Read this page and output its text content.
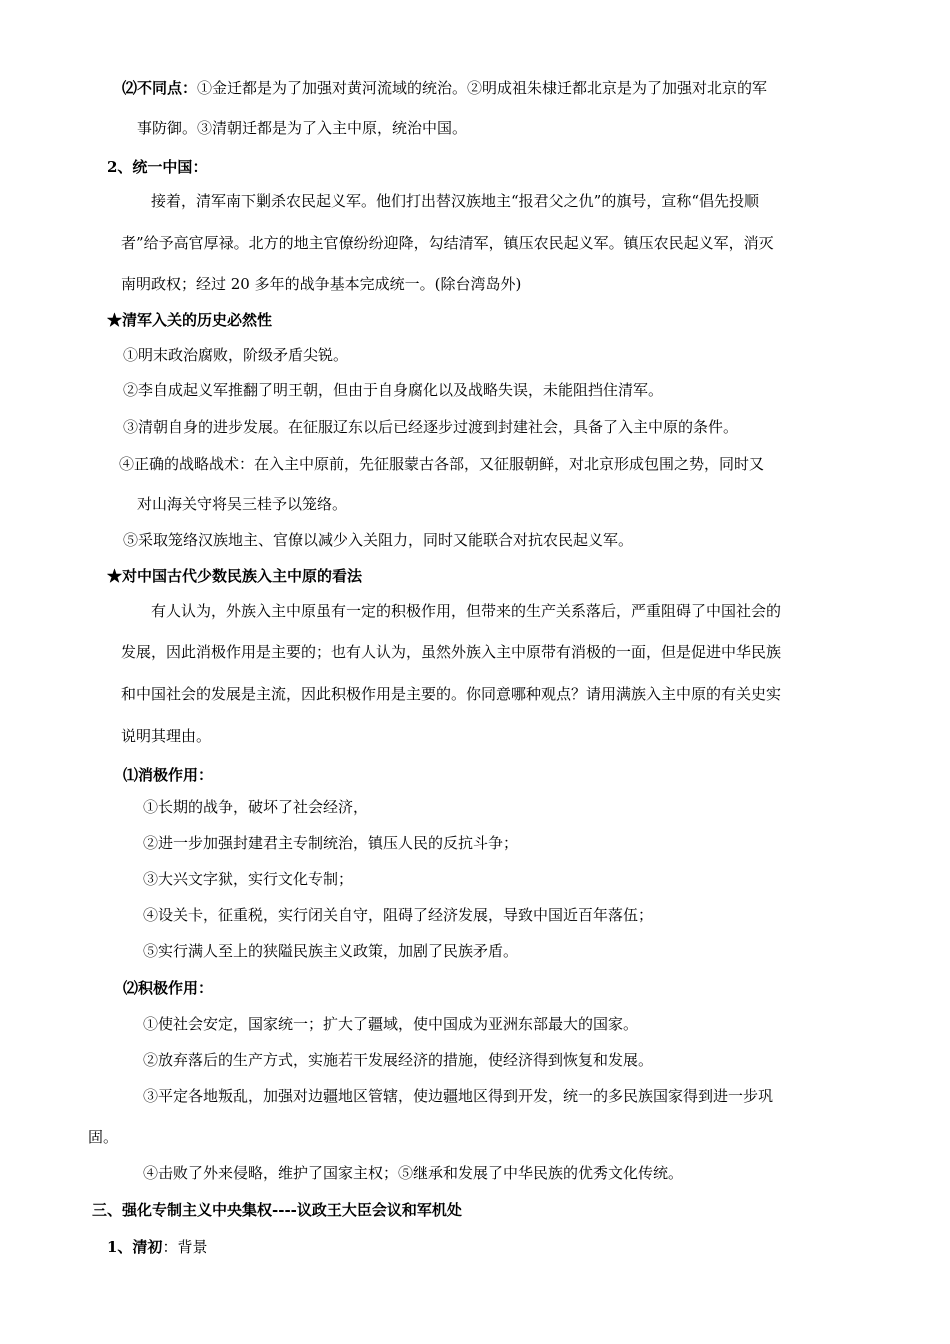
⑵不同点：①金迁都是为了加强对黄河流域的统治。②明成祖朱棣迁都北京是为了加强对北京的军
事防御。③清朝迁都是为了入主中原，统治中国。
2、统一中国：
接着，清军南下剿杀农民起义军。他们打出替汉族地主“报君父之仇”的旗号，宣称“倡先投顺
者”给予高官厚禄。北方的地主官僚纷纷迎降，勾结清军，镇压农民起义军。镇压农民起义军，消灭
南明政权；经过 20 多年的战争基本完成统一。(除台湾岛外)
★清军入关的历史必然性
①明末政治腐败，阶级矛盾尖锐。
②李自成起义军推翻了明王朝，但由于自身腐化以及战略失误，未能阻挡住清军。
③清朝自身的进步发展。在征服辽东以后已经逐步过渡到封建社会，具备了入主中原的条件。
④正确的战略战术：在入主中原前，先征服蒙古各部，又征服朝鲜，对北京形成包围之势，同时又
对山海关守将吴三桂予以笼络。
⑤采取笼络汉族地主、官僚以减少入关阻力，同时又能联合对抗农民起义军。
★对中国古代少数民族入主中原的看法
有人认为，外族入主中原虽有一定的积极作用，但带来的生产关系落后，严重阻碍了中国社会的
发展，因此消极作用是主要的；也有人认为，虽然外族入主中原带有消极的一面，但是促进中华民族
和中国社会的发展是主流，因此积极作用是主要的。你同意哪种观点？请用满族入主中原的有关史实
说明其理由。
⑴消极作用：
①长期的战争，破坏了社会经济，
②进一步加强封建君主专制统治，镇压人民的反抗斗争；
③大兴文字狱，实行文化专制；
④设关卡，征重税，实行闭关自守，阻碍了经济发展，导致中国近百年落伍；
⑤实行满人至上的狭隘民族主义政策，加剧了民族矛盾。
⑵积极作用：
①使社会安定，国家统一；扩大了疆域，使中国成为亚洲东部最大的国家。
②放弃落后的生产方式，实施若干发展经济的措施，使经济得到恢复和发展。
③平定各地叛乱，加强对边疆地区管辖，使边疆地区得到开发，统一的多民族国家得到进一步巩
固。
④击败了外来侵略，维护了国家主权；⑤继承和发展了中华民族的优秀文化传统。
三、强化专制主义中央集权----议政王大臣会议和军机处
1、清初：背景
